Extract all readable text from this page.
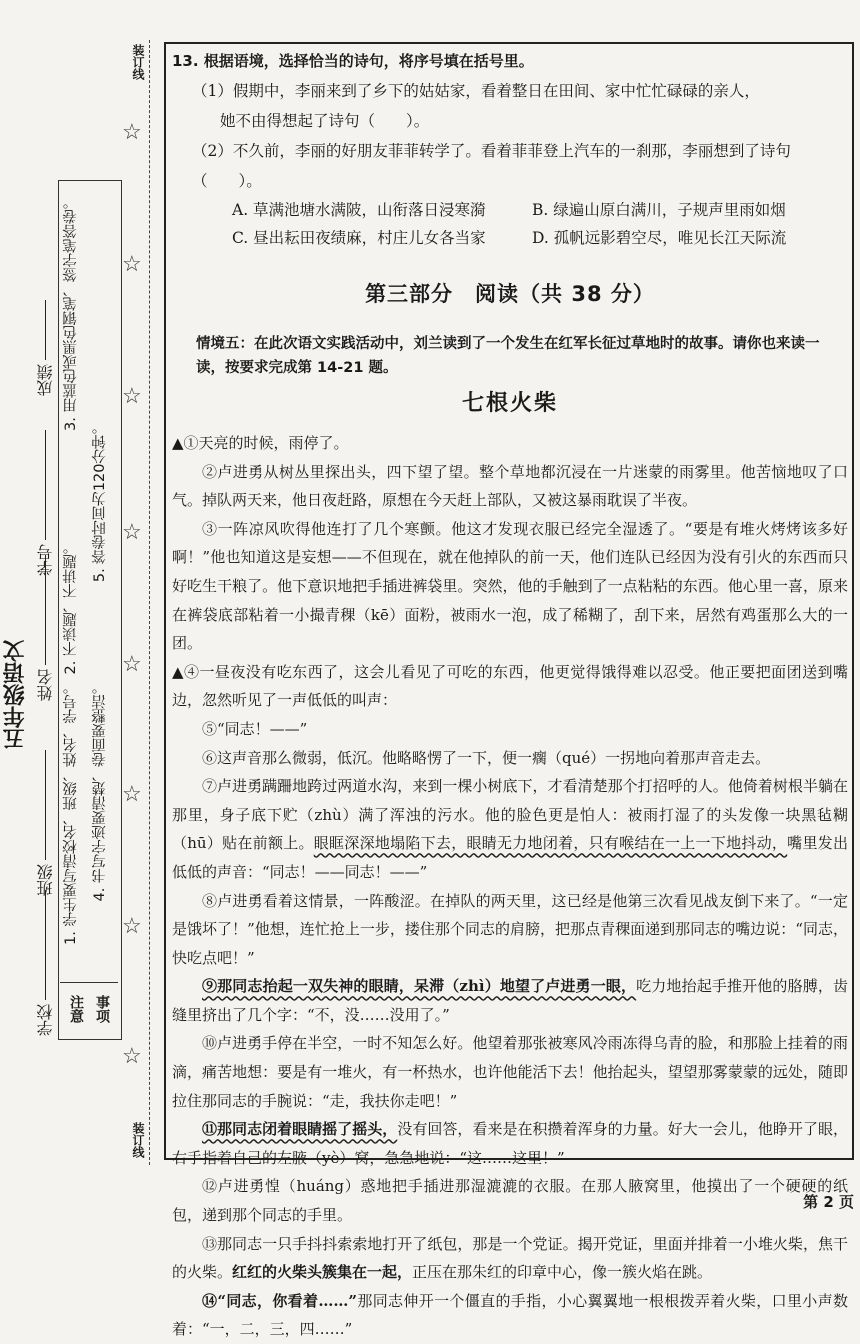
装订线
装订线
☆
☆
☆
☆
☆
☆
☆
☆
五年级语文
学校
班级
姓名
学号
成绩
注意 事项
1. 学生要写清校名、班级、姓名、学号。
2. 不读题、不讲题。
3. 用蓝色或黑色钢笔、签字笔答卷。
4. 书写字迹要清楚、卷面要整洁。
5. 答卷时间为120分钟。
13. 根据语境，选择恰当的诗句，将序号填在括号里。
（1）假期中，李丽来到了乡下的姑姑家，看着整日在田间、家中忙忙碌碌的亲人，
她不由得想起了诗句（　　）。
（2）不久前，李丽的好朋友菲菲转学了。看着菲菲登上汽车的一刹那，李丽想到了诗句（　　）。
A. 草满池塘水满陂，山衔落日浸寒漪	B. 绿遍山原白满川，子规声里雨如烟
C. 昼出耘田夜绩麻，村庄儿女各当家	D. 孤帆远影碧空尽，唯见长江天际流
第三部分　阅读（共 38 分）
情境五：在此次语文实践活动中，刘兰读到了一个发生在红军长征过草地时的故事。请你也来读一读，按要求完成第 14-21 题。
七根火柴

▲①天亮的时候，雨停了。

②卢进勇从树丛里探出头，四下望了望。整个草地都沉浸在一片迷蒙的雨雾里。他苦恼地叹了口气。掉队两天来，他日夜赶路，原想在今天赶上部队，又被这暴雨耽误了半夜。

③一阵凉风吹得他连打了几个寒颤。他这才发现衣服已经完全湿透了。“要是有堆火烤烤该多好啊！”他也知道这是妄想——不但现在，就在他掉队的前一天，他们连队已经因为没有引火的东西而只好吃生干粮了。他下意识地把手插进裤袋里。突然，他的手触到了一点粘粘的东西。他心里一喜，原来在裤袋底部粘着一小撮青稞（kē）面粉，被雨水一泡，成了稀糊了，刮下来，居然有鸡蛋那么大的一团。

▲④一昼夜没有吃东西了，这会儿看见了可吃的东西，他更觉得饿得难以忍受。他正要把面团送到嘴边，忽然听见了一声低低的叫声：

⑤“同志！——”

⑥这声音那么微弱，低沉。他略略愣了一下，便一瘸（qué）一拐地向着那声音走去。

⑦卢进勇蹒跚地跨过两道水沟，来到一棵小树底下，才看清楚那个打招呼的人。他倚着树根半躺在那里，身子底下贮（zhù）满了浑浊的污水。他的脸色更是怕人：被雨打湿了的头发像一块黑毡糊（hū）贴在前额上。眼眶深深地塌陷下去，眼睛无力地闭着，只有喉结在一上一下地抖动，嘴里发出低低的声音：“同志！——同志！——”

⑧卢进勇看着这情景，一阵酸涩。在掉队的两天里，这已经是他第三次看见战友倒下来了。“一定是饿坏了！”他想，连忙抢上一步，搂住那个同志的肩膀，把那点青稞面递到那同志的嘴边说：“同志，快吃点吧！”

⑨那同志抬起一双失神的眼睛，呆滞（zhì）地望了卢进勇一眼，吃力地抬起手推开他的胳膊，齿缝里挤出了几个字：“不，没……没用了。”

⑩卢进勇手停在半空，一时不知怎么好。他望着那张被寒风冷雨冻得乌青的脸，和那脸上挂着的雨滴，痛苦地想：要是有一堆火，有一杯热水，也许他能活下去！他抬起头，望望那雾蒙蒙的远处，随即拉住那同志的手腕说：“走，我扶你走吧！”

⑪那同志闭着眼睛摇了摇头，没有回答，看来是在积攒着浑身的力量。好大一会儿，他睁开了眼，右手指着自己的左腋（yè）窝，急急地说：“这……这里！”

⑫卢进勇惶（huáng）惑地把手插进那湿漉漉的衣服。在那人腋窝里，他摸出了一个硬硬的纸包，递到那个同志的手里。

⑬那同志一只手抖抖索索地打开了纸包，那是一个党证。揭开党证，里面并排着一小堆火柴，焦干的火柴。红红的火柴头簇集在一起，正压在那朱红的印章中心，像一簇火焰在跳。

⑭“同志，你看着……”那同志伸开一个僵直的手指，小心翼翼地一根根拨弄着火柴，口里小声数着：“一，二，三，四……”

第 2 页
